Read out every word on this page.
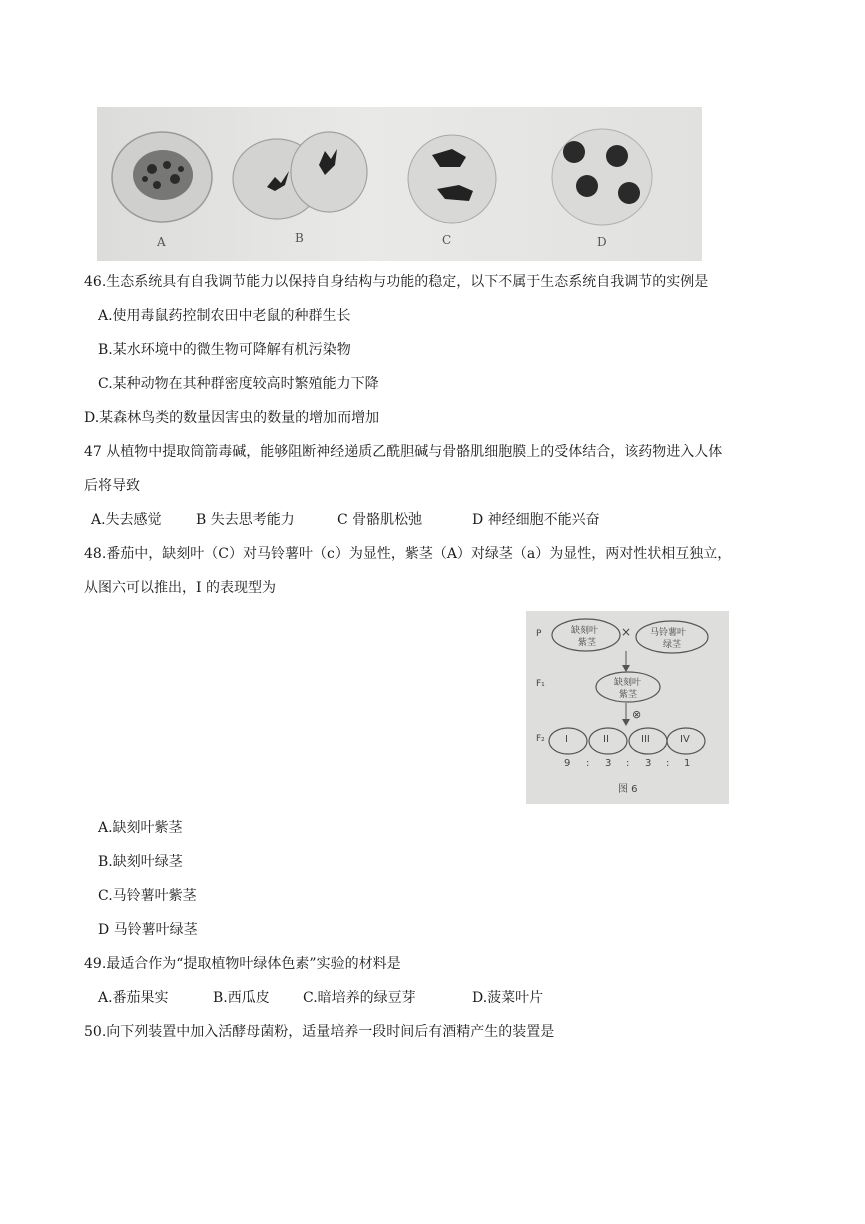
A	B	C	D
46.生态系统具有自我调节能力以保持自身结构与功能的稳定，以下不属于生态系统自我调节的实例是
A.使用毒鼠药控制农田中老鼠的种群生长
B.某水环境中的微生物可降解有机污染物
C.某种动物在其种群密度较高时繁殖能力下降
D.某森林鸟类的数量因害虫的数量的增加而增加
47 从植物中提取筒箭毒碱，能够阻断神经递质乙酰胆碱与骨骼肌细胞膜上的受体结合，该药物进入人体
后将导致
A.失去感觉 B 失去思考能力	C 骨骼肌松弛	D 神经细胞不能兴奋
48.番茄中，缺刻叶（C）对马铃薯叶（c）为显性，紫茎（A）对绿茎（a）为显性，两对性状相互独立，
从图六可以推出，I 的表现型为
P	缺刻叶
紫茎
× 马铃薯叶
绿茎
F₁	缺刻叶
紫茎
⊗
F₂ I	II	III	IV
9 : 3 : 3 : 1
图 6
A.缺刻叶紫茎
B.缺刻叶绿茎
C.马铃薯叶紫茎
D 马铃薯叶绿茎
49.最适合作为“提取植物叶绿体色素”实验的材料是
A.番茄果实	B.西瓜皮 C.暗培养的绿豆芽	D.菠菜叶片
50.向下列装置中加入活酵母菌粉，适量培养一段时间后有酒精产生的装置是
